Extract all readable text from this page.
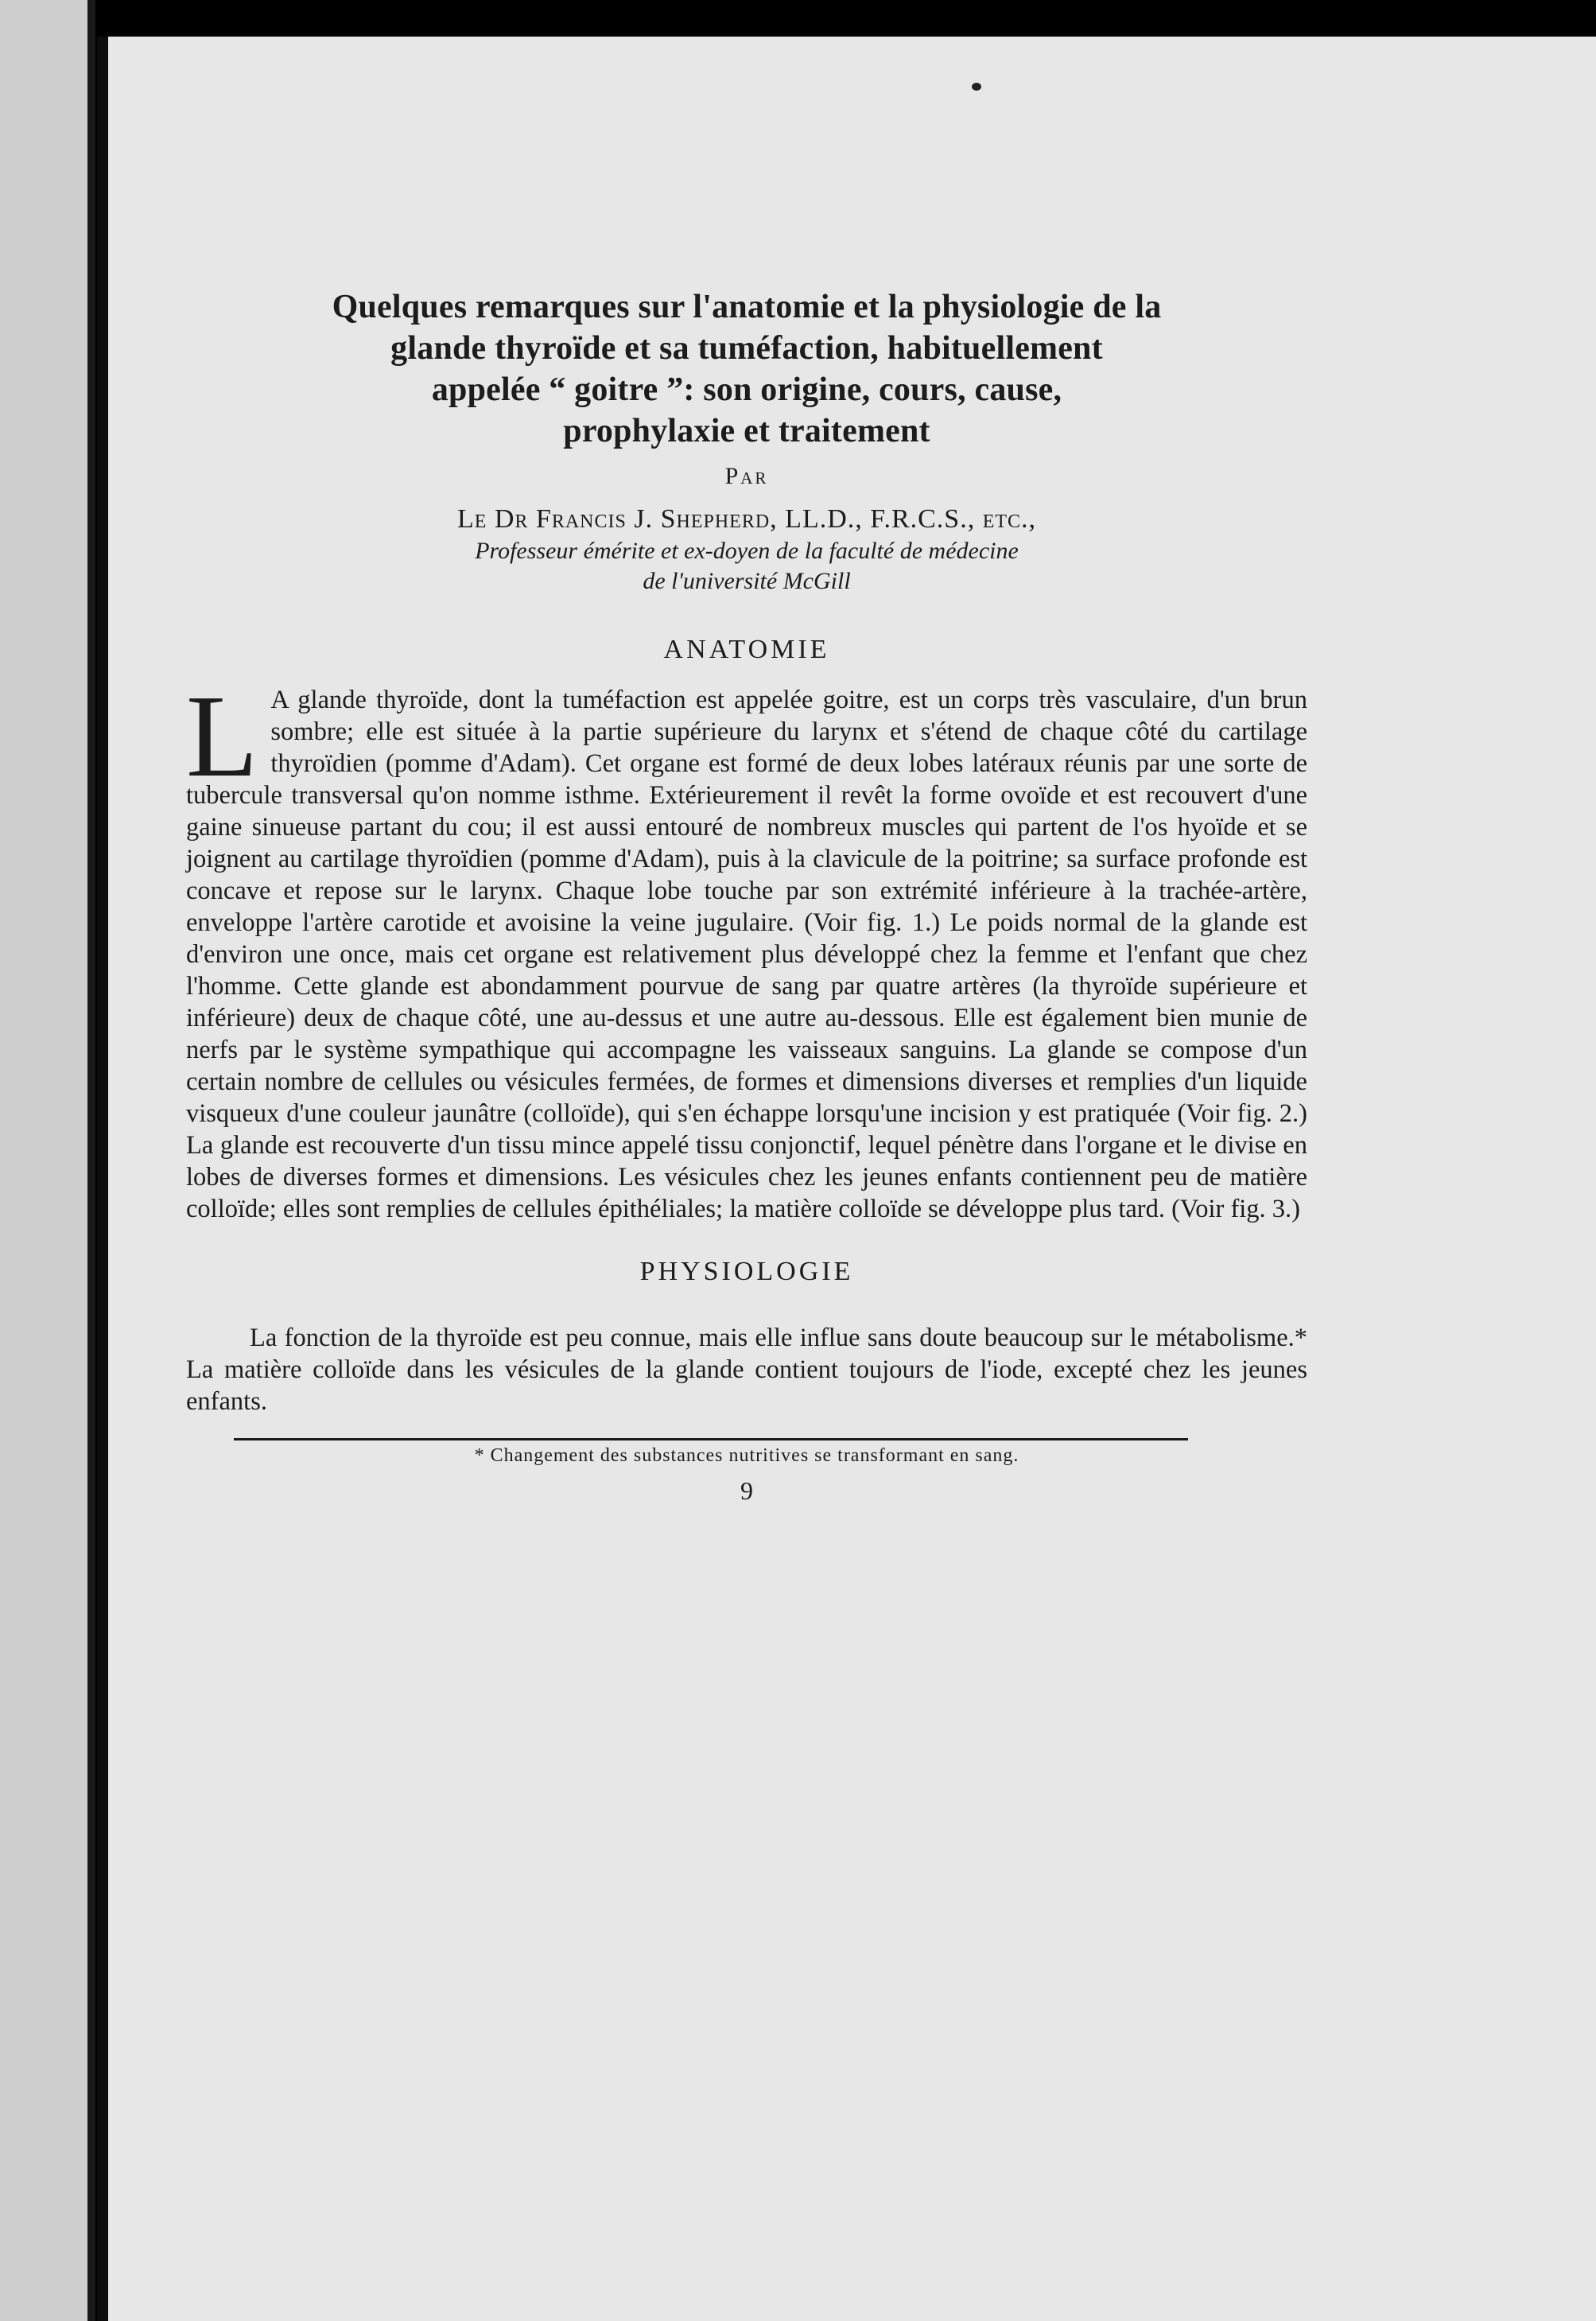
Quelques remarques sur l'anatomie et la physiologie de la
glande thyroïde et sa tuméfaction, habituellement
appelée “ goitre ”: son origine, cours, cause,
prophylaxie et traitement
Par
Le Dr Francis J. Shepherd, LL.D., F.R.C.S., etc.,
Professeur émérite et ex-doyen de la faculté de médecine
de l'université McGill
ANATOMIE

L A glande thyroïde, dont la tuméfaction est appelée goitre, est un corps très vasculaire, d'un brun sombre; elle est située à la partie supérieure du larynx et s'étend de chaque côté du cartilage thyroïdien (pomme d'Adam). Cet organe est formé de deux lobes latéraux réunis par une sorte de tubercule transversal qu'on nomme isthme. Extérieurement il revêt la forme ovoïde et est recouvert d'une gaine sinueuse partant du cou; il est aussi entouré de nombreux muscles qui partent de l'os hyoïde et se joignent au cartilage thyroïdien (pomme d'Adam), puis à la clavicule de la poitrine; sa surface profonde est concave et repose sur le larynx. Chaque lobe touche par son extrémité inférieure à la trachée-artère, enveloppe l'artère carotide et avoisine la veine jugulaire. (Voir fig. 1.) Le poids normal de la glande est d'environ une once, mais cet organe est relativement plus développé chez la femme et l'enfant que chez l'homme. Cette glande est abondamment pourvue de sang par quatre artères (la thyroïde supérieure et inférieure) deux de chaque côté, une au-dessus et une autre au-dessous. Elle est également bien munie de nerfs par le système sympathique qui accompagne les vaisseaux sanguins. La glande se compose d'un certain nombre de cellules ou vésicules fermées, de formes et dimensions diverses et remplies d'un liquide visqueux d'une couleur jaunâtre (colloïde), qui s'en échappe lorsqu'une incision y est pratiquée (Voir fig. 2.) La glande est recouverte d'un tissu mince appelé tissu conjonctif, lequel pénètre dans l'organe et le divise en lobes de diverses formes et dimensions. Les vésicules chez les jeunes enfants contiennent peu de matière colloïde; elles sont remplies de cellules épithéliales; la matière colloïde se développe plus tard. (Voir fig. 3.)

PHYSIOLOGIE

La fonction de la thyroïde est peu connue, mais elle influe sans doute beaucoup sur le métabolisme.* La matière colloïde dans les vésicules de la glande contient toujours de l'iode, excepté chez les jeunes enfants.

* Changement des substances nutritives se transformant en sang.
9
